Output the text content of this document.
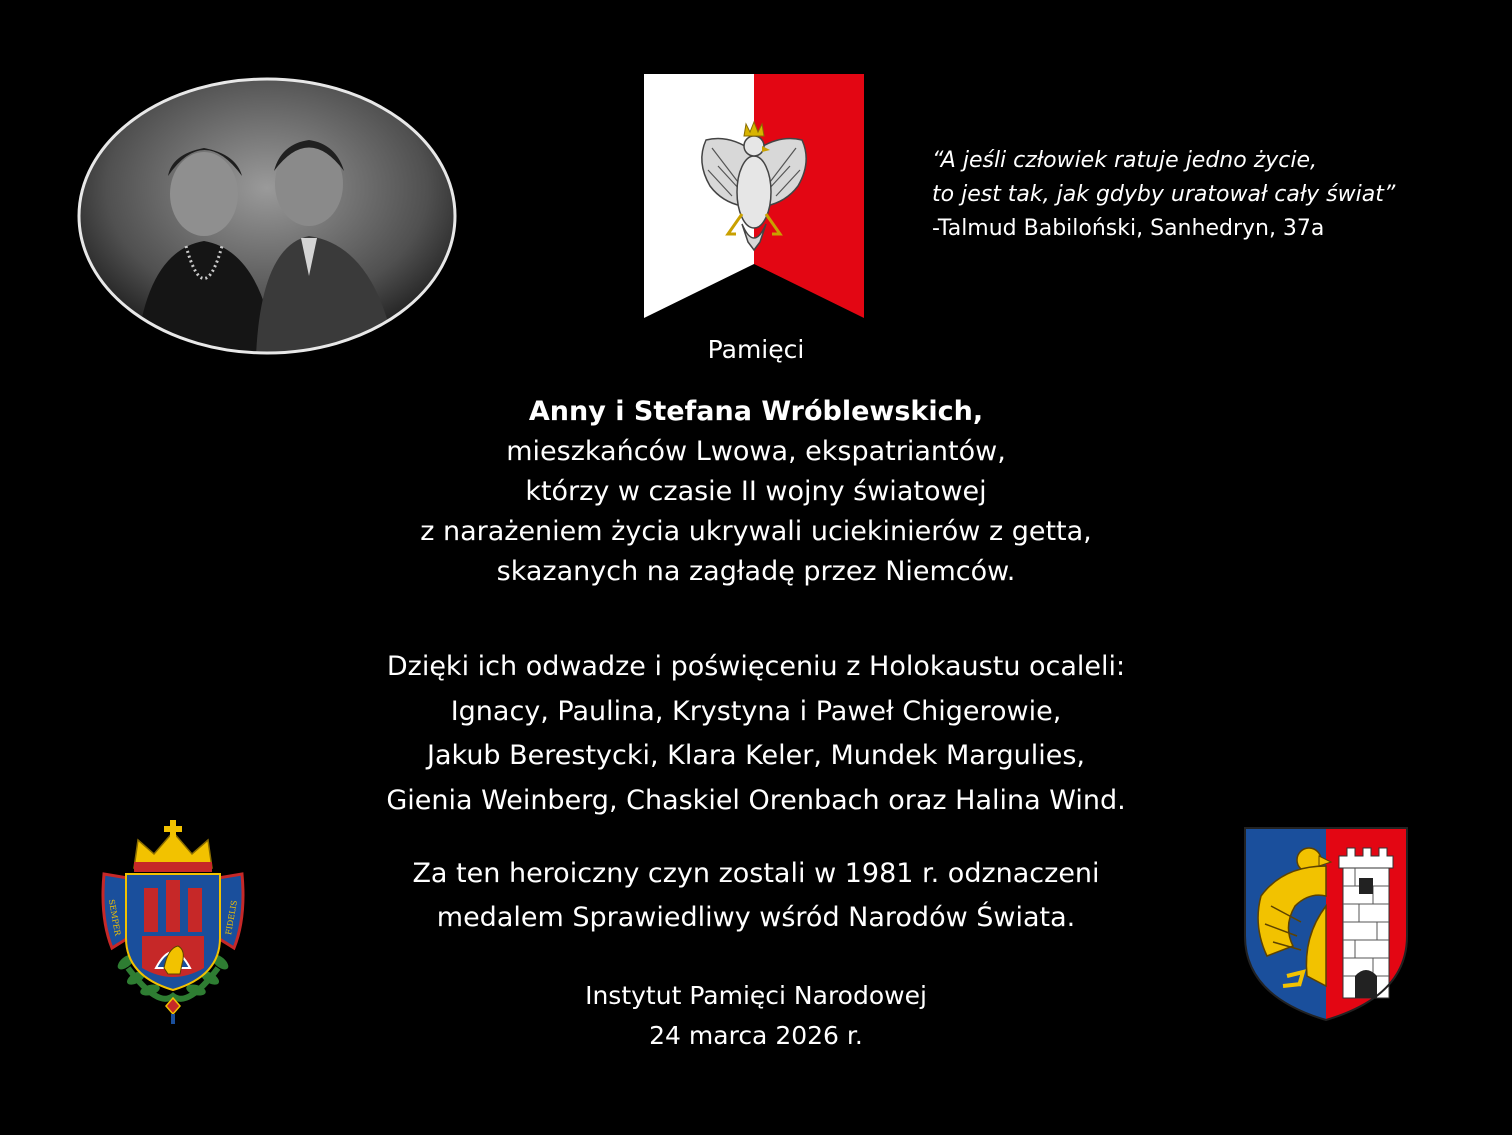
“A jeśli człowiek ratuje jedno życie,
to jest tak, jak gdyby uratował cały świat”
-Talmud Babiloński, Sanhedryn, 37a
Pamięci
Anny i Stefana Wróblewskich,
mieszkańców Lwowa, ekspatriantów,
którzy w czasie II wojny światowej
z narażeniem życia ukrywali uciekinierów z getta,
skazanych na zagładę przez Niemców.
Dzięki ich odwadze i poświęceniu z Holokaustu ocaleli:
Ignacy, Paulina, Krystyna i Paweł Chigerowie,
Jakub Berestycki, Klara Keler, Mundek Margulies,
Gienia Weinberg, Chaskiel Orenbach oraz Halina Wind.
Za ten heroiczny czyn zostali w 1981 r. odznaczeni
medalem Sprawiedliwy wśród Narodów Świata.
Instytut Pamięci Narodowej
24 marca 2026 r.
SEMPER	FIDELIS
